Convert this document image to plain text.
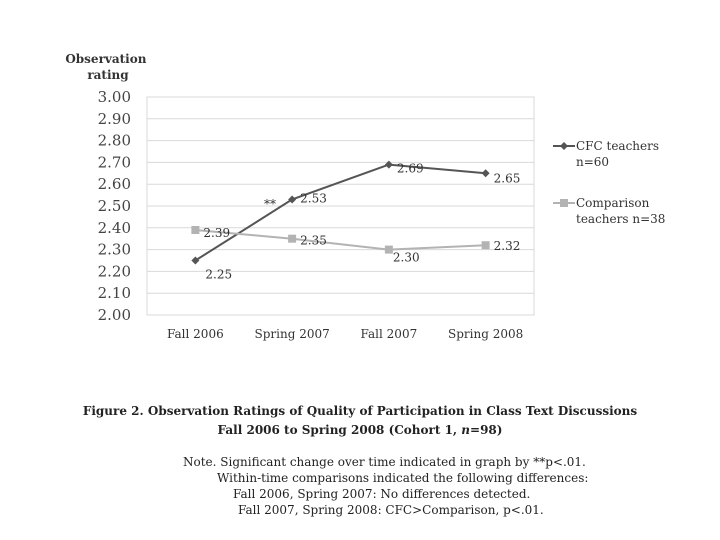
Observation rating
3.00
2.90
2.80
2.70
2.60
2.50
2.40
2.30
2.20
2.10
2.00
Fall 2006	Spring 2007	Fall 2007	Spring 2008
2.25
2.53
2.69
2.65
2.39
2.35
2.30
2.32
**
CFC teachers
n=60
Comparison
teachers n=38
Figure 2. Observation Ratings of Quality of Participation in Class Text Discussions
Fall 2006 to Spring 2008 (Cohort 1, n=98)
Note. Significant change over time indicated in graph by **p<.01.
Within-time comparisons indicated the following differences:
Fall 2006, Spring 2007: No differences detected.
Fall 2007, Spring 2008: CFC>Comparison, p<.01.
